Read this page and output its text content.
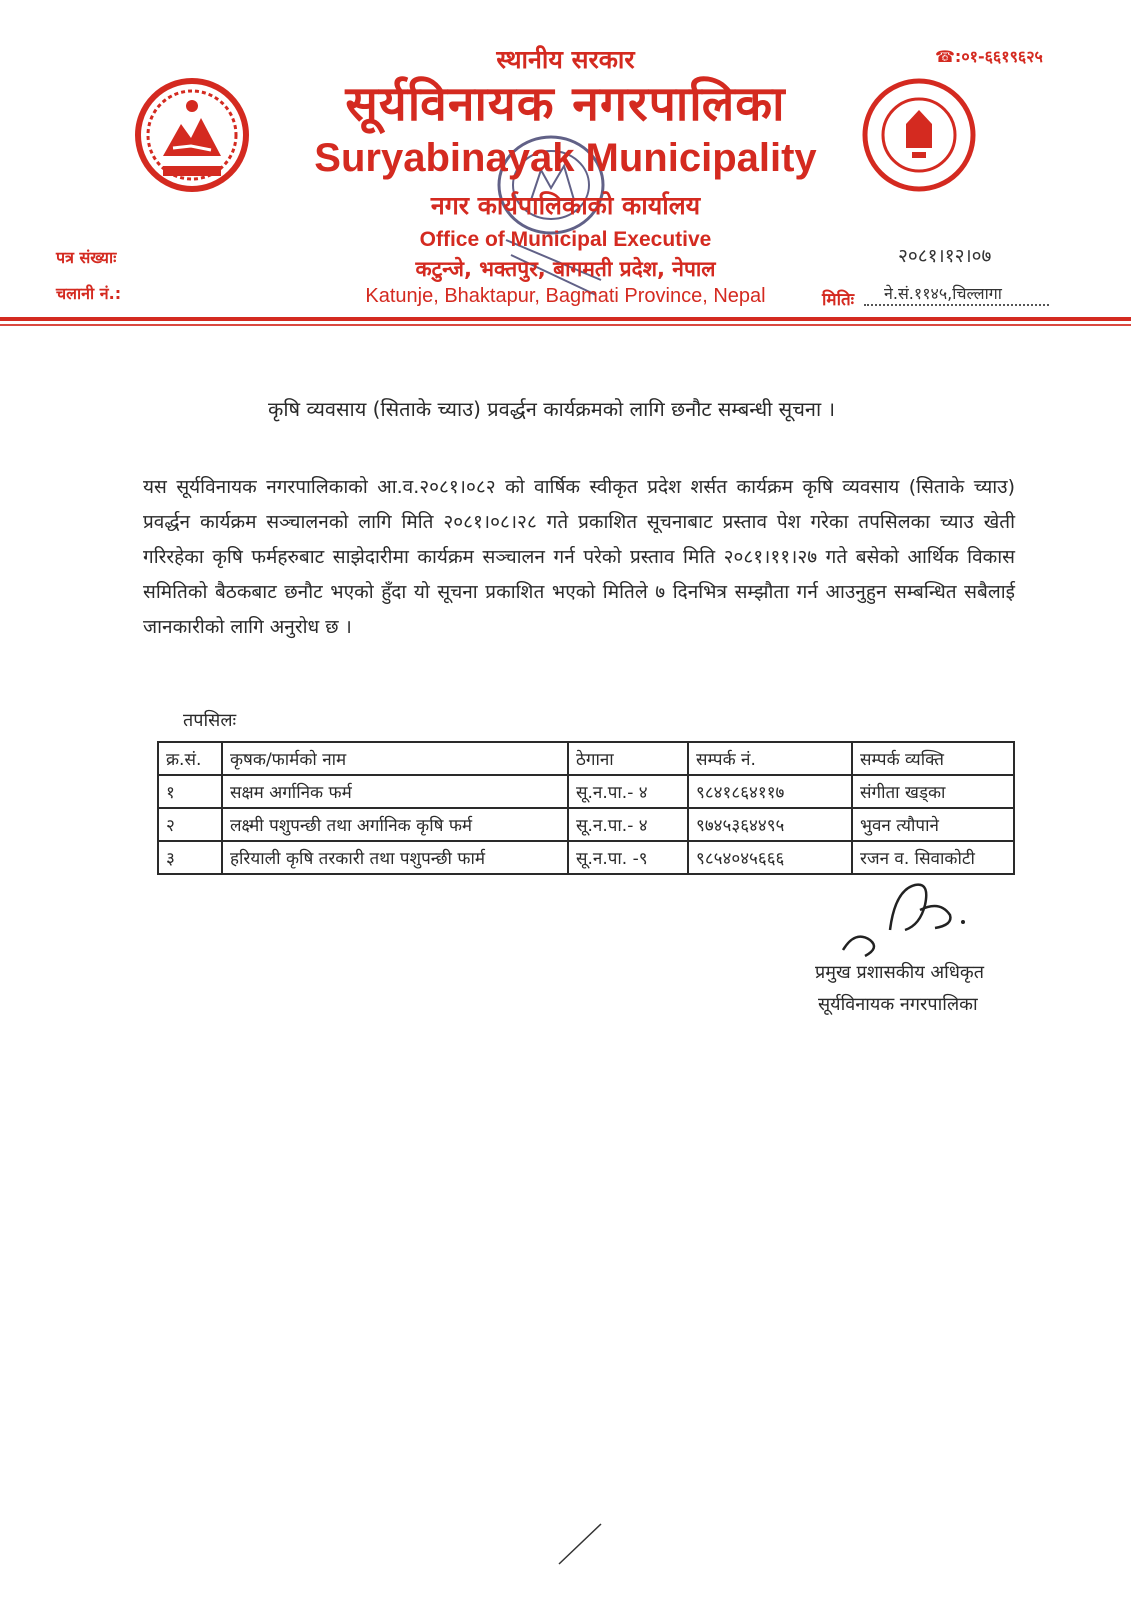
स्थानीय सरकार
सूर्यविनायक नगरपालिका
Suryabinayak Municipality
नगर कार्यपालिकाको कार्यालय
Office of Municipal Executive
कटुन्जे, भक्तपुर, बागमती प्रदेश, नेपाल
Katunje, Bhaktapur, Bagmati Province, Nepal
☎:०१-६६१९६२५
पत्र संख्याः
चलानी नं.:
२०८१।१२।०७
मितिः	ने.सं.११४५,चिल्लागा
कृषि व्यवसाय (सिताके च्याउ) प्रवर्द्धन कार्यक्रमको लागि छनौट सम्बन्धी सूचना ।
यस सूर्यविनायक नगरपालिकाको आ.व.२०८१।०८२ को वार्षिक स्वीकृत प्रदेश शर्सत कार्यक्रम कृषि व्यवसाय (सिताके च्याउ) प्रवर्द्धन कार्यक्रम सञ्चालनको लागि मिति २०८१।०८।२८ गते प्रकाशित सूचनाबाट प्रस्ताव पेश गरेका तपसिलका च्याउ खेती गरिरहेका कृषि फर्महरुबाट साझेदारीमा कार्यक्रम सञ्चालन गर्न परेको प्रस्ताव मिति २०८१।११।२७ गते बसेको आर्थिक विकास समितिको बैठकबाट छनौट भएको हुँदा यो सूचना प्रकाशित भएको मितिले ७ दिनभित्र सम्झौता गर्न आउनुहुन सम्बन्धित सबैलाई जानकारीको लागि अनुरोध छ ।
तपसिलः
क्र.सं.	कृषक/फार्मको नाम	ठेगाना	सम्पर्क नं.	सम्पर्क व्यक्ति
१	सक्षम अर्गानिक फर्म	सू.न.पा.- ४	९८४१८६४११७	संगीता खड्का
२	लक्ष्मी पशुपन्छी तथा अर्गानिक कृषि फर्म	सू.न.पा.- ४	९७४५३६४४९५	भुवन त्यौपाने
३	हरियाली कृषि तरकारी तथा पशुपन्छी फार्म	सू.न.पा. -९	९८५४०४५६६६	रजन व. सिवाकोटी
प्रमुख प्रशासकीय अधिकृत
सूर्यविनायक नगरपालिका
